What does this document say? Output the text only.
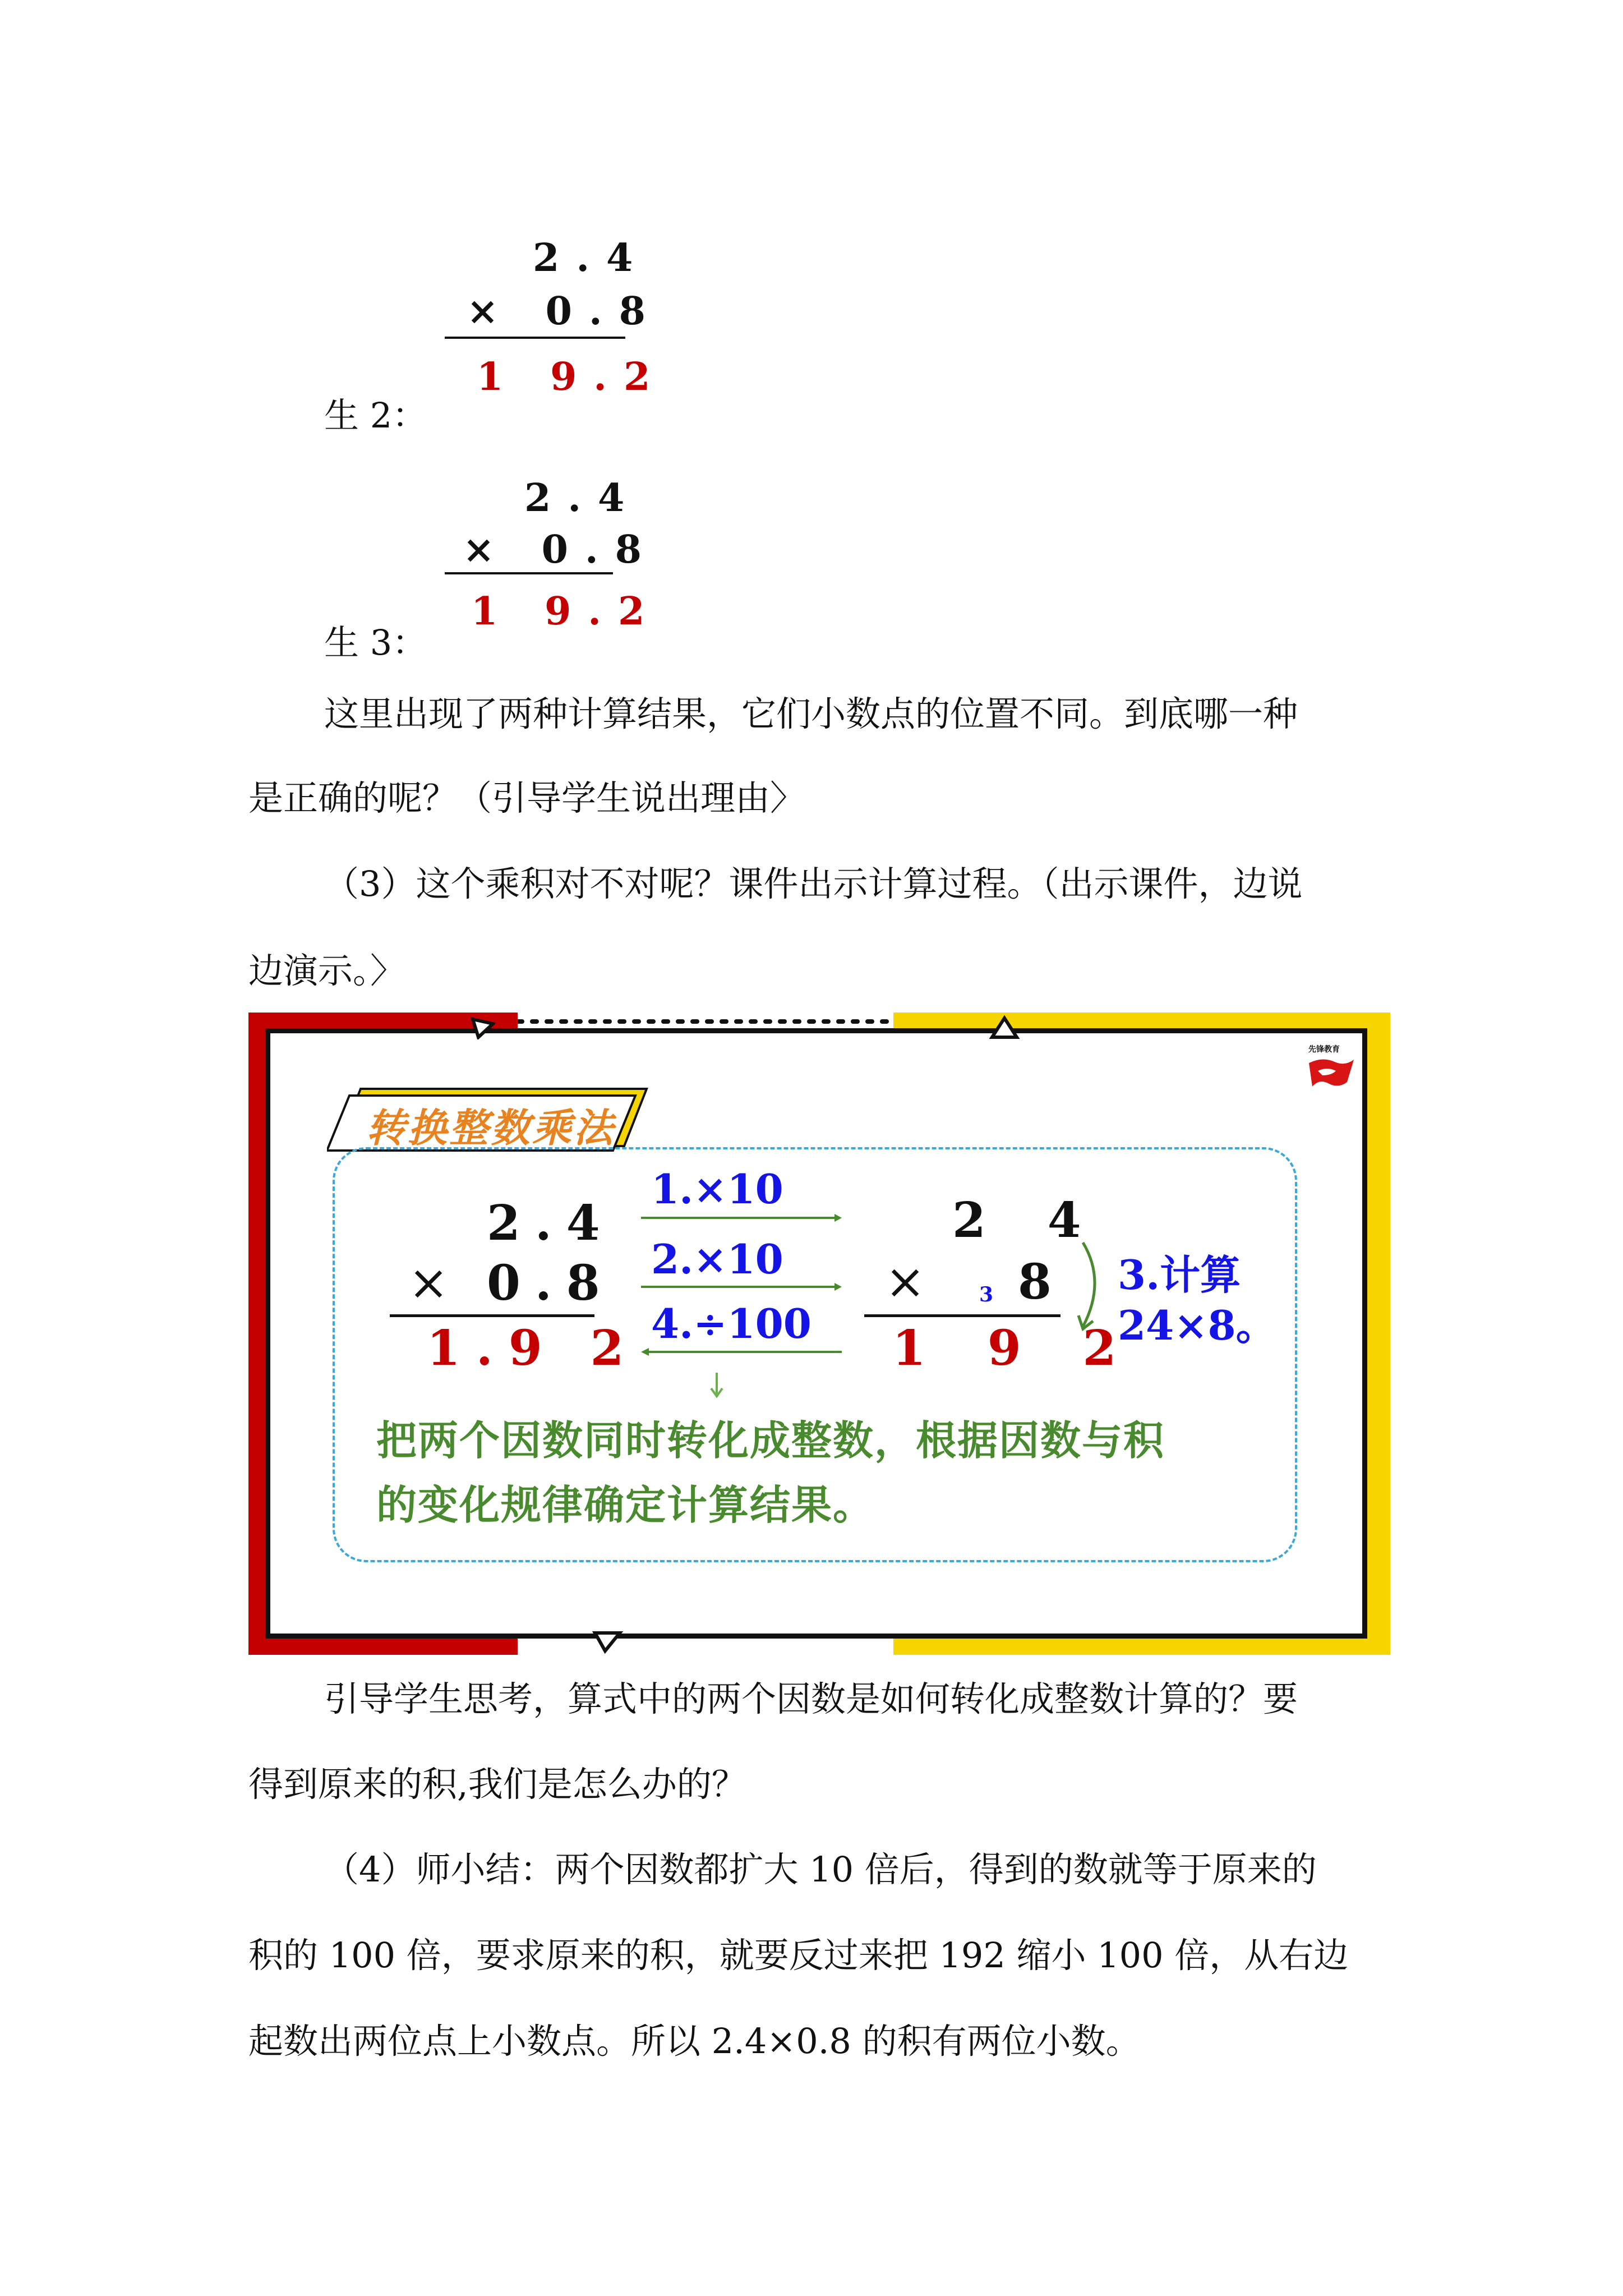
2.4
× 0.8
1 9.2
生 2：
2.4
× 0.8
1 9.2
生 3：
这里出现了两种计算结果，它们小数点的位置不同。到底哪一种
是正确的呢？（引导学生说出理由〉
（3）这个乘积对不对呢？课件出示计算过程。（出示课件，边说
边演示。〉
先锋教育
转换整数乘法
2.4
× 0.8
1.9 2
1.×10
2.×10
4.÷100
2 4
× 3 8
1 9 2
3.计算
24×8。
把两个因数同时转化成整数，根据因数与积
的变化规律确定计算结果。
引导学生思考，算式中的两个因数是如何转化成整数计算的？要
得到原来的积,我们是怎么办的？
（4）师小结：两个因数都扩大 10 倍后，得到的数就等于原来的
积的 100 倍，要求原来的积，就要反过来把 192 缩小 100 倍，从右边
起数出两位点上小数点。所以 2.4×0.8 的积有两位小数。
